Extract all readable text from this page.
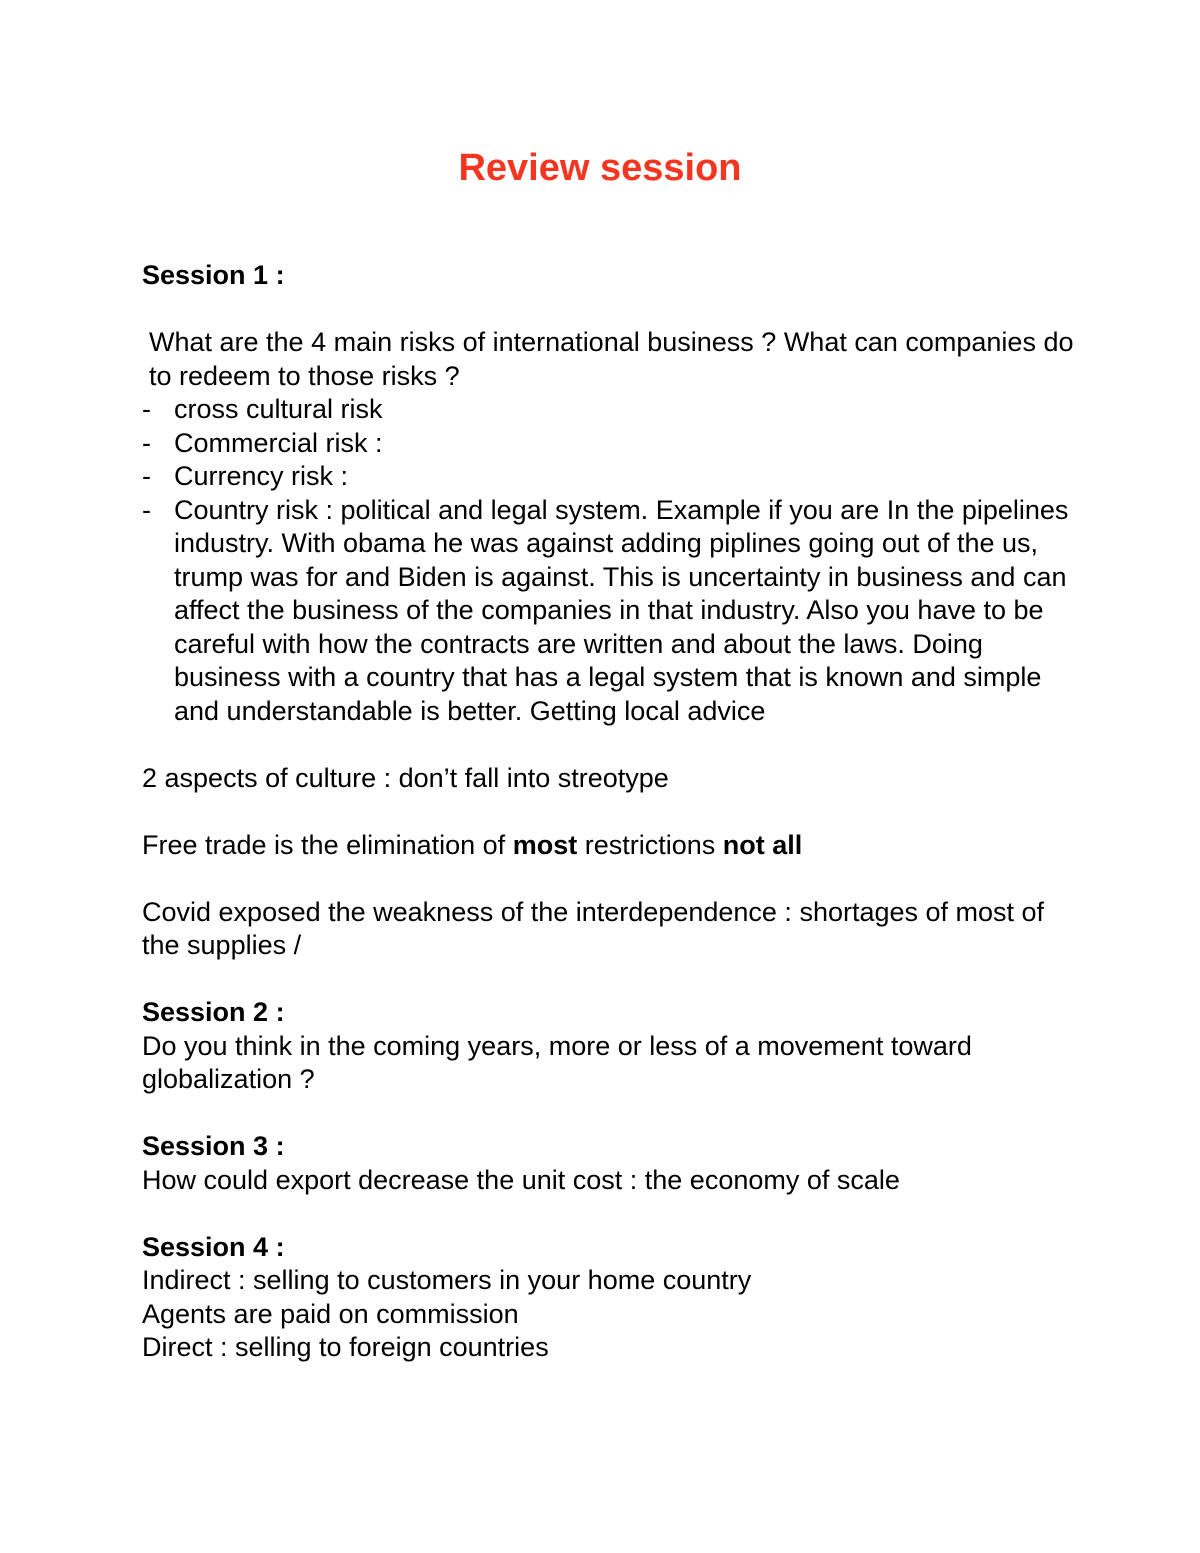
Review session

Session 1 :

What are the 4 main risks of international business ? What can companies do to redeem to those risks ?

- cross cultural risk
- Commercial risk :
- Currency risk :
- Country risk : political and legal system. Example if you are In the pipelines industry. With obama he was against adding piplines going out of the us, trump was for and Biden is against. This is uncertainty in business and can affect the business of the companies in that industry. Also you have to be careful with how the contracts are written and about the laws. Doing business with a country that has a legal system that is known and simple and understandable is better. Getting local advice

2 aspects of culture : don’t fall into streotype

Free trade is the elimination of most restrictions not all

Covid exposed the weakness of the interdependence : shortages of most of the supplies /

Session 2 :

Do you think in the coming years, more or less of a movement toward globalization ?

Session 3 :

How could export decrease the unit cost : the economy of scale

Session 4 :

Indirect : selling to customers in your home country

Agents are paid on commission

Direct : selling to foreign countries
